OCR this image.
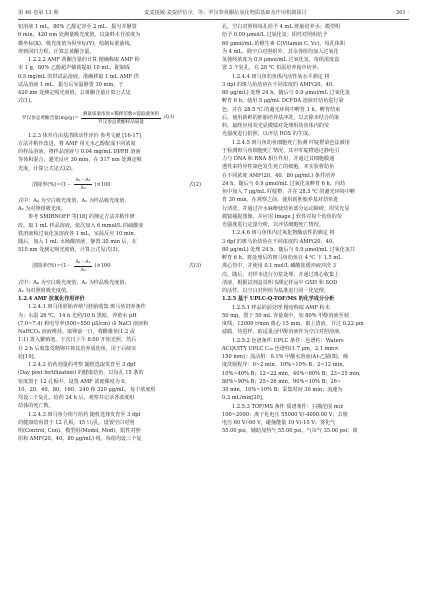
第 46 卷第 13 期	麦麦提敏·麦提萨伍尔，等：罗汉参黄酮抗氧化物质基础及作用机制探讨	· 361 ·
铝溶液 1 mL，80% 乙醇定容至 2 mL，振匀并静置
6 min，420 nm 处测量吸光度值。以染料木苷浓度为
横坐标(X)，吸光度值为纵坐标(Y)，绘制标准曲线，
得到回归方程，计算总黄酮含量。
1.2.2.2 AMF 黄酮含量的计算 精确称取 AMF 粉
末 1 g，80% 乙醇超声辅助提取 10 mL，配制成
0.5 mg/mL 的供试品溶液。准确移取 1 mL AMF 供
试品溶液 1 mL，振匀后室温静置 30 min，于
420 nm 处测定吸光度值，总黄酮含量计算公式见
式(1)。
罗汉参总黄酮含量$(mg/g)= \frac{\text{测量质量浓度×稀释倍数×提取液体积}}{\text{罗汉参总黄酮样品质量}}$ 式(1)
1.2.3 体外自由基清除活性评价 参考文献 [16-17]
方法并稍作改进，将 AMF 用无水乙醇配成不同浓度
的样品溶液，将样品溶液与 0.04 mg/mL DPPH 溶液
等体积混合，避光反应 30 min，在 517 nm 处测定吸
光度，计算公式见式(2)。
清除率(%)＝ $(1- \frac{\text{A₁－A₂}}{\text{A₀}} )\times 100$	式(2)
式中：A₀ 为空白吸光度值，A₁ 为样品吸光度值，
A₂ 为对照组吸光度。
参考 SMIRNOFF 等[18] 的测定方法并稍作修
改，取 1 mL 样品溶液，依次加入 6 mmol/L 的硫酸亚
铁溶液和过氧化氢溶液各 1 mL，室温反应 10 min。
随后，加入 1 mL 水杨酸溶液，静置 30 min 后，在
510 nm 处测定吸光度值，计算公式见式(3)。
清除率(%)＝ $(1- \frac{\text{A₁－A₂}}{\text{A₀}} )\times 100$	式(3)
式中：A₀ 为空白吸光度值，A₁ 为样品吸光度值，
A₂ 为对照组吸光度值。
1.2.4 AMF 抗氧化作用评价
1.2.4.1 斑马鱼胚胎养殖与胚胎收集 斑马鱼饲养条件
为：水温 26 ℃，14 h 光照/10 h 黑暗，养殖水 pH
(7.0~7.4) 和电导率(500~550 μS/cm) 由 NaCl 溶液和
NaHCO₃ 溶液维持。取卵前一日，将雌雄鱼(1:2 或
1:1) 置入繁殖池，于次日上午 8:00 开始光照，然后
在 2 h 后收集受精卵并将其培养成幼鱼，用于后续实
验[19]。
1.2.4.2 给药剂量的考察 随机选取发育至 3 dpf
(Day post fertilization) 的健康幼鱼，以每孔 15 条的
密度置于 12 孔板中。设置 AMF 浓度梯度为 0、
10、20、40、80、160、240 和 320 μg/mL，每个浓度组
均设三个复孔。给药 24 h 后，观察并记录各浓度组
幼体的死亡数。
1.2.4.3 斑马鱼分组与给药 随机选择发育至 3 dpf
的健康幼鱼置于 12 孔板，15 只/孔。设置空白对照
组(Control, Con)、模型组(Model, Mod)、阳性对照
组和 AMF(20、40、80 μg/mL) 组。每组均设三个复
孔。空白对照组每孔给予 4 mL 胚胎培养水；模型组
给予 0.09 μmol/L 过氧化氢；阳性对照组给予
60 μmol/mL 的维生素 C(Vitamin C, Vc)，每孔体积
为 4 mL。除空白对照组外，其余各组均加入过氧化
氢使终浓度为 0.9 μmol/mL 过氧化氢，每组浓度设
置 3 个复孔，在 28 ℃ 恒温培养箱中培养。
1.2.4.4 斑马鱼幼鱼体内活性氧水平测定 将
3 dpf 的斑马鱼幼鱼在不同浓度的 AMF(20、40、
80 μg/mL) 处理 24 h。随后与 0.9 μmol/mL 过氧化氢
孵育 6 h。使用 5 μg/mL DCFDA 溶液对幼鱼进行染
色，并在 28.5 ℃ 的避光环境中孵育 1 h。孵育结束
后，使用新鲜的胚胎培养基冲洗，以去除未结合的染
料。最终应用荧光显微镜对处理组幼鱼体内的荧
光强度进行拍照，以评估 ROS 的生成。
1.2.4.5 斑马鱼幼鱼细胞死亡检测 吖啶橙染色法被用
于检测斑马鱼细胞死亡情况，其中吖啶橙通过静电引
力与 DNA 和 RNA 相互作用，并通过其细胞膜通
透性来特异性染色发生死亡的细胞。本实验将幼鱼
在不同浓度 AMF(20、40、80 μg/mL) 条件培养
24 h，随后与 0.9 μmol/mL 过氧化氢孵育 6 h。向幼
鱼中加入 7 μg/mL 吖啶橙，并在 28.5 ℃ 的避光环境中孵
育 30 min。在观察之前，使用新胚胎养基对幼鱼进
行清洗，并通过冷水麻醉使幼鱼部分运动障碍。用荧光显
微镜捕捉图像，并应用 Image J 软件对每个幼鱼的荧
光强度进行定量分析，以评估细胞死亡情况。
1.2.4.6 斑马鱼体内过氧化物酶活性的测定 将
3 dpf 的斑马鱼幼鱼在不同浓度的 AMF(20、40、
80 μg/mL) 处理 24 h，随后与 0.9 μmol/mL 过氧化氢共
孵育 6 h。将处理后的斑马鱼幼鱼在 4 ℃ 下 1.5 mL
离心管中，并使用 0.1 mol/L 磷酸盐缓冲液冲洗 3
次。随后，对样本进行匀浆处理，并通过离心收集上
清液。根据试剂盒说明书测定样品中 GSH 和 SOD
的活性，以空白对照组为基准进行同一化处理。
1.2.5 基于 UPLC-Q-TOF/MS 的化学成分分析
1.2.5.1 样品的前处理 精密称取 AMF 粉末
50 mg，置于 50 mL 容量瓶中，加 80% 甲醇溶液至刻
度线，12000 r/min 离心 15 min，取上清液，并过 0.22 μm
滤膜，待进样。取适量浸甲醇溶液作为空白对照溶液。
1.2.5.2 色谱条件 UPLC 条件：色谱柱：Waters
ACQUITY UPLC C₁₈ 色谱柱(1.7 μm，2.1 mm×
150 mm)；流动相：0.1% 甲酸水溶液(A)-乙腈(B)，梯
度洗脱程序：0~2 min，10%~10% B；2~12 min，
10%~40% B；12~22 min，40%~80% B；23~25 min，
80%~90% B；25~26 min，90%~10% B；26~
30 min，10%~10% B；采集时间 30 min；流速为
0.3 mL/min[20]。
1.2.5.3 TOF/MS 条件 质谱条件：扫描范围 m/z
100~2000；离子化电压 55000 V/-4000.00 V；去簇
电压 60 V/-60 V，碰撞能量 10 V/-10 V；雾化气
55.00 psi，辅助加热气 55.00 psi，气帘气 35.00 psi；离
